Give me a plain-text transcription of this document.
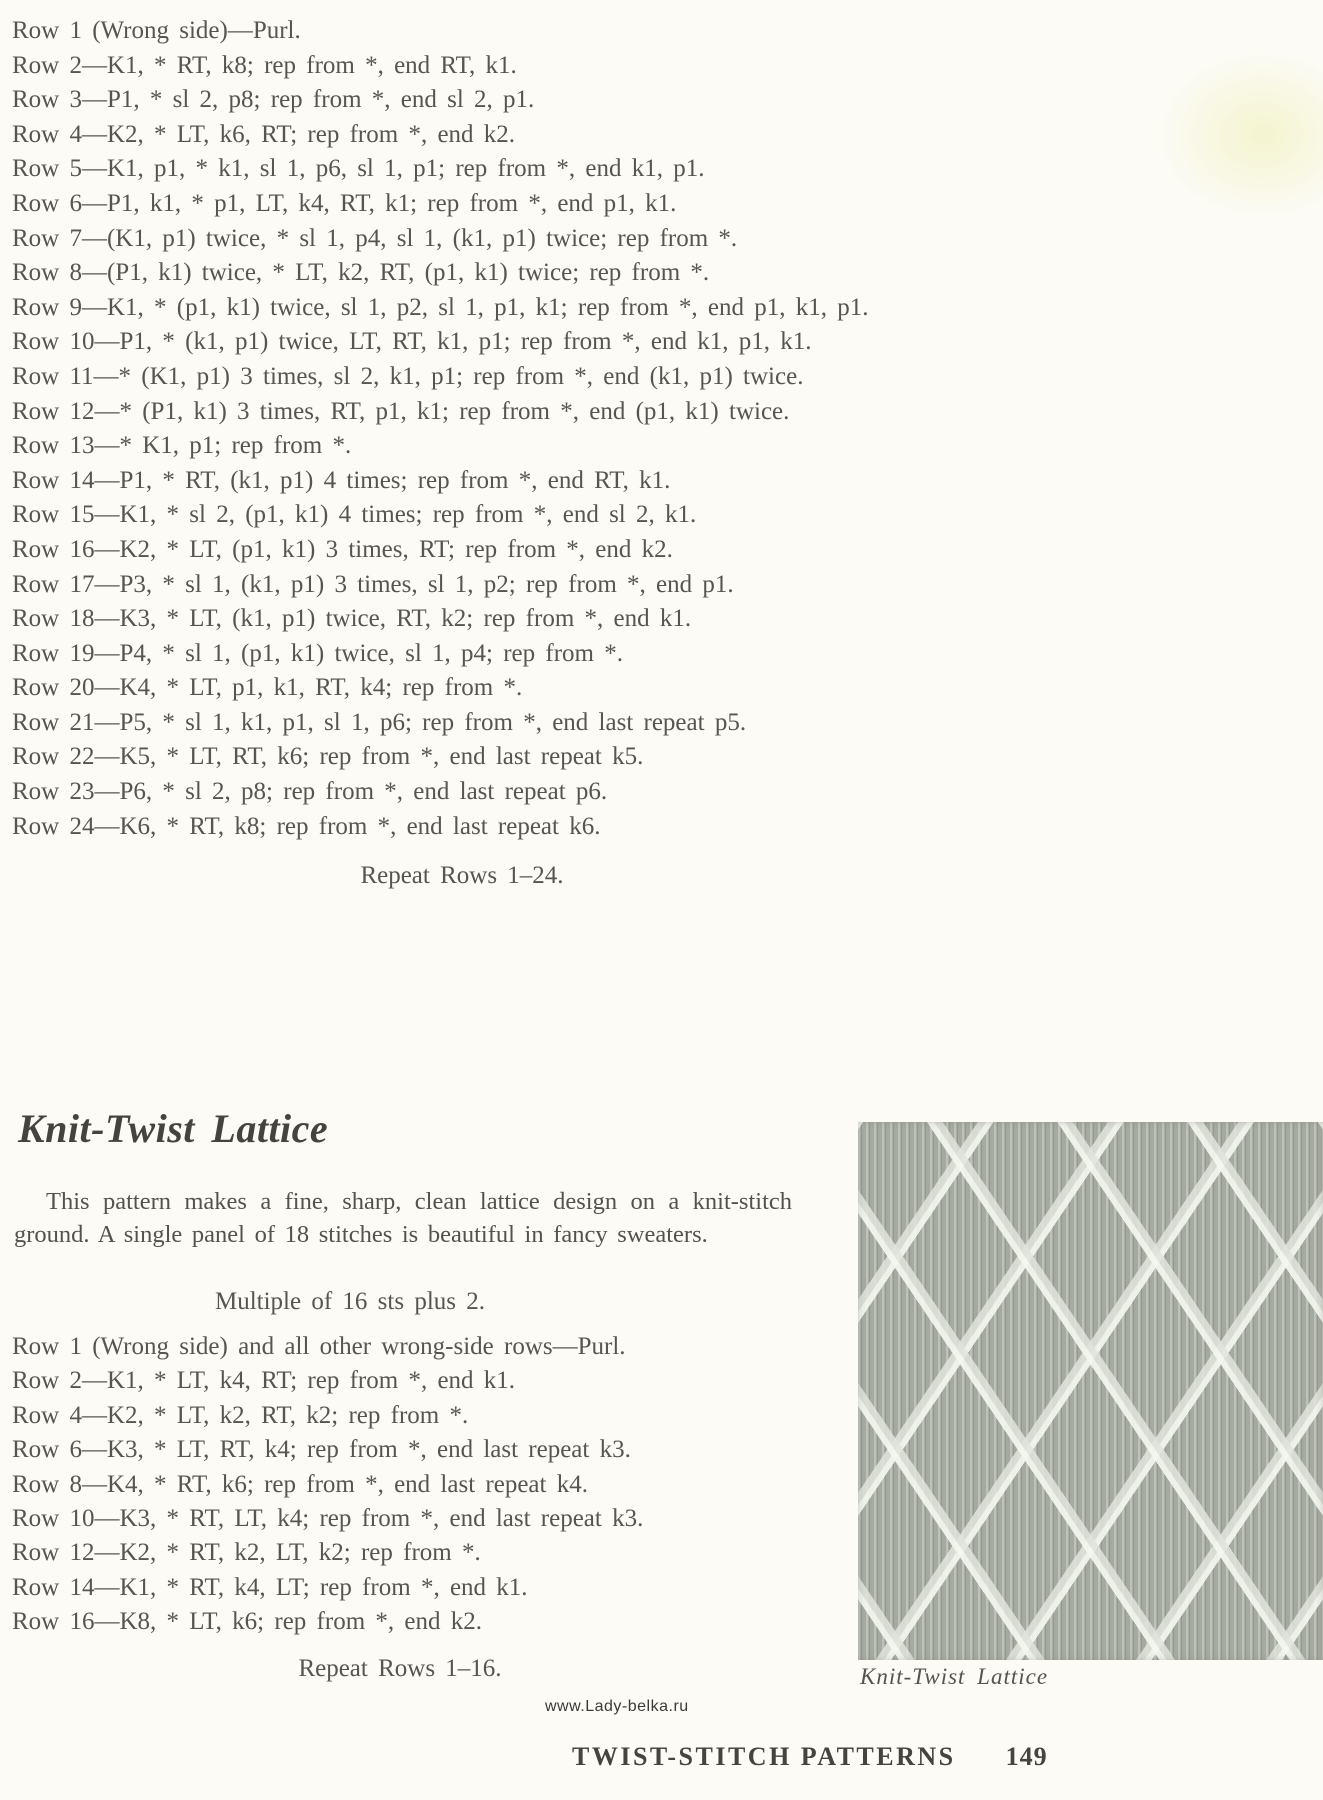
Row 1 (Wrong side)—Purl.
Row 2—K1, * RT, k8; rep from *, end RT, k1.
Row 3—P1, * sl 2, p8; rep from *, end sl 2, p1.
Row 4—K2, * LT, k6, RT; rep from *, end k2.
Row 5—K1, p1, * k1, sl 1, p6, sl 1, p1; rep from *, end k1, p1.
Row 6—P1, k1, * p1, LT, k4, RT, k1; rep from *, end p1, k1.
Row 7—(K1, p1) twice, * sl 1, p4, sl 1, (k1, p1) twice; rep from *.
Row 8—(P1, k1) twice, * LT, k2, RT, (p1, k1) twice; rep from *.
Row 9—K1, * (p1, k1) twice, sl 1, p2, sl 1, p1, k1; rep from *, end p1, k1, p1.
Row 10—P1, * (k1, p1) twice, LT, RT, k1, p1; rep from *, end k1, p1, k1.
Row 11—* (K1, p1) 3 times, sl 2, k1, p1; rep from *, end (k1, p1) twice.
Row 12—* (P1, k1) 3 times, RT, p1, k1; rep from *, end (p1, k1) twice.
Row 13—* K1, p1; rep from *.
Row 14—P1, * RT, (k1, p1) 4 times; rep from *, end RT, k1.
Row 15—K1, * sl 2, (p1, k1) 4 times; rep from *, end sl 2, k1.
Row 16—K2, * LT, (p1, k1) 3 times, RT; rep from *, end k2.
Row 17—P3, * sl 1, (k1, p1) 3 times, sl 1, p2; rep from *, end p1.
Row 18—K3, * LT, (k1, p1) twice, RT, k2; rep from *, end k1.
Row 19—P4, * sl 1, (p1, k1) twice, sl 1, p4; rep from *.
Row 20—K4, * LT, p1, k1, RT, k4; rep from *.
Row 21—P5, * sl 1, k1, p1, sl 1, p6; rep from *, end last repeat p5.
Row 22—K5, * LT, RT, k6; rep from *, end last repeat k5.
Row 23—P6, * sl 2, p8; rep from *, end last repeat p6.
Row 24—K6, * RT, k8; rep from *, end last repeat k6.
Repeat Rows 1–24.
Knit-Twist Lattice

This pattern makes a fine, sharp, clean lattice design on a knit-stitch ground. A single panel of 18 stitches is beautiful in fancy sweaters.

Multiple of 16 sts plus 2.
Row 1 (Wrong side) and all other wrong-side rows—Purl.
Row 2—K1, * LT, k4, RT; rep from *, end k1.
Row 4—K2, * LT, k2, RT, k2; rep from *.
Row 6—K3, * LT, RT, k4; rep from *, end last repeat k3.
Row 8—K4, * RT, k6; rep from *, end last repeat k4.
Row 10—K3, * RT, LT, k4; rep from *, end last repeat k3.
Row 12—K2, * RT, k2, LT, k2; rep from *.
Row 14—K1, * RT, k4, LT; rep from *, end k1.
Row 16—K8, * LT, k6; rep from *, end k2.
Repeat Rows 1–16.	Knit-Twist Lattice
www.Lady-belka.ru
TWIST-STITCH PATTERNS 149
